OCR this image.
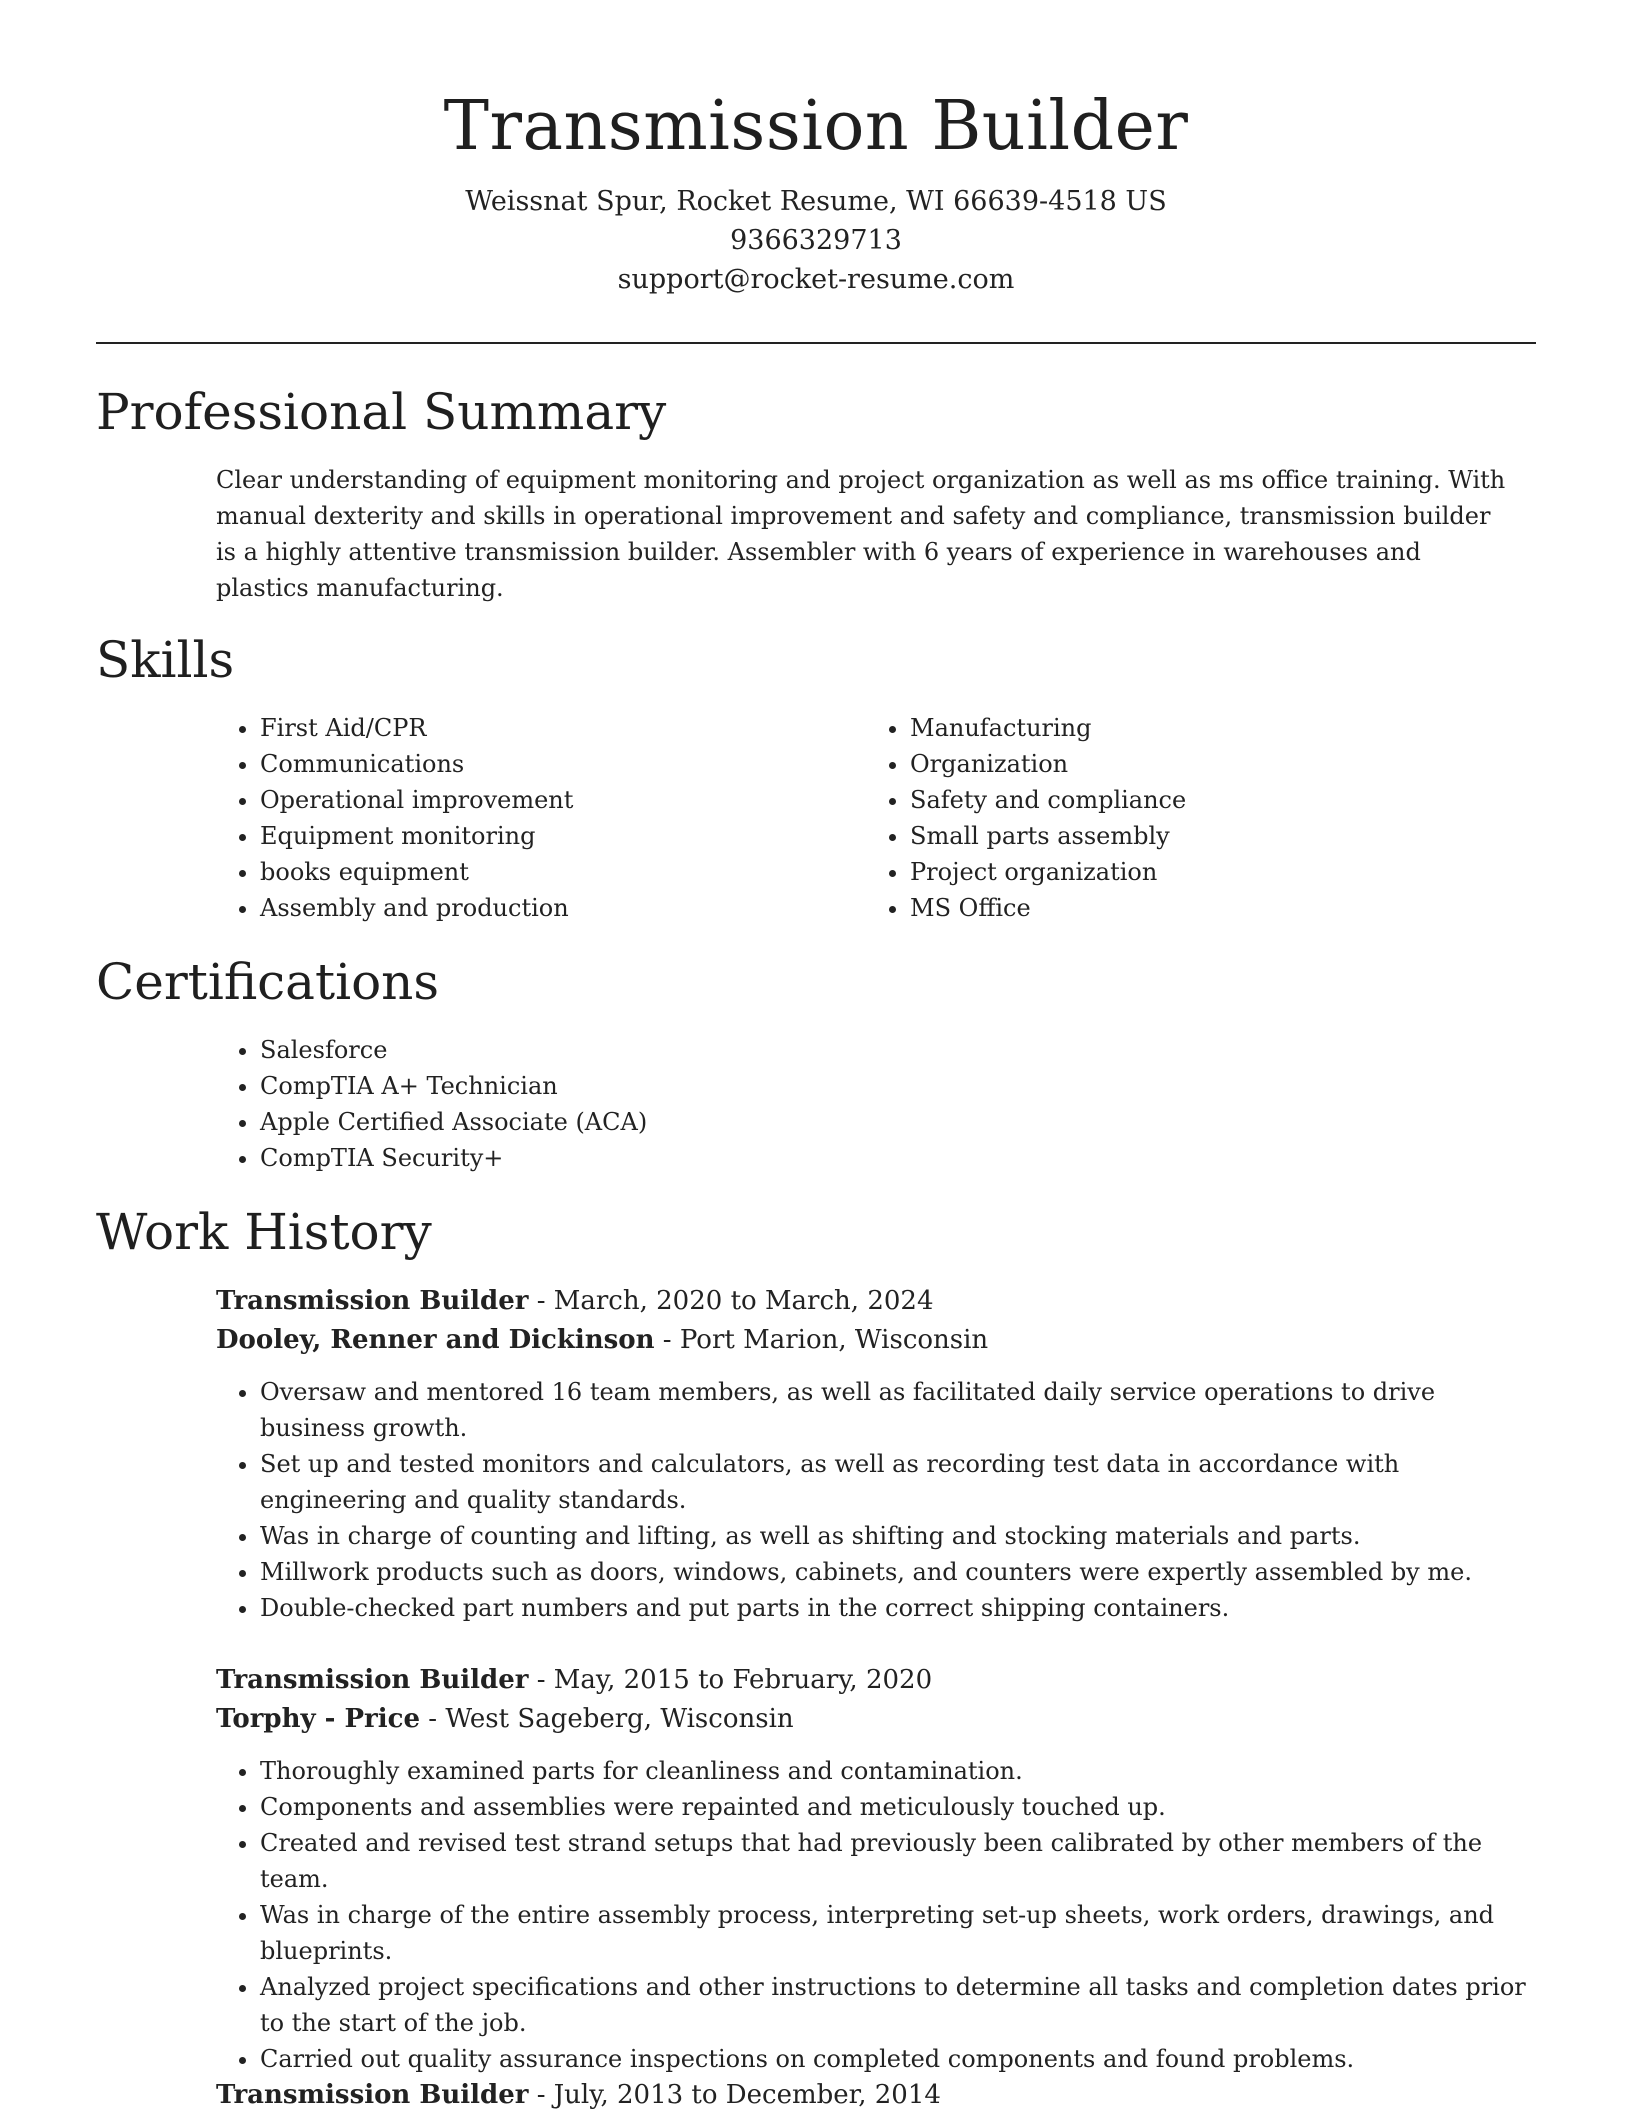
Transmission Builder

Weissnat Spur, Rocket Resume, WI 66639-4518 US

9366329713

support@rocket-resume.com

Professional Summary

Clear understanding of equipment monitoring and project organization as well as ms office training. With manual dexterity and skills in operational improvement and safety and compliance, transmission builder is a highly attentive transmission builder. Assembler with 6 years of experience in warehouses and plastics manufacturing.

Skills
• First Aid/CPR
• Communications
• Operational improvement
• Equipment monitoring
• books equipment
• Assembly and production
• Manufacturing
• Organization
• Safety and compliance
• Small parts assembly
• Project organization
• MS Office
Certifications
• Salesforce
• CompTIA A+ Technician
• Apple Certified Associate (ACA)
• CompTIA Security+
Work History

Transmission Builder - March, 2020 to March, 2024

Dooley, Renner and Dickinson - Port Marion, Wisconsin

• Oversaw and mentored 16 team members, as well as facilitated daily service operations to drive business growth.
• Set up and tested monitors and calculators, as well as recording test data in accordance with engineering and quality standards.
• Was in charge of counting and lifting, as well as shifting and stocking materials and parts.
• Millwork products such as doors, windows, cabinets, and counters were expertly assembled by me.
• Double-checked part numbers and put parts in the correct shipping containers.

Transmission Builder - May, 2015 to February, 2020

Torphy - Price - West Sageberg, Wisconsin

• Thoroughly examined parts for cleanliness and contamination.
• Components and assemblies were repainted and meticulously touched up.
• Created and revised test strand setups that had previously been calibrated by other members of the team.
• Was in charge of the entire assembly process, interpreting set-up sheets, work orders, drawings, and blueprints.
• Analyzed project specifications and other instructions to determine all tasks and completion dates prior to the start of the job.
• Carried out quality assurance inspections on completed components and found problems.

Transmission Builder - July, 2013 to December, 2014
